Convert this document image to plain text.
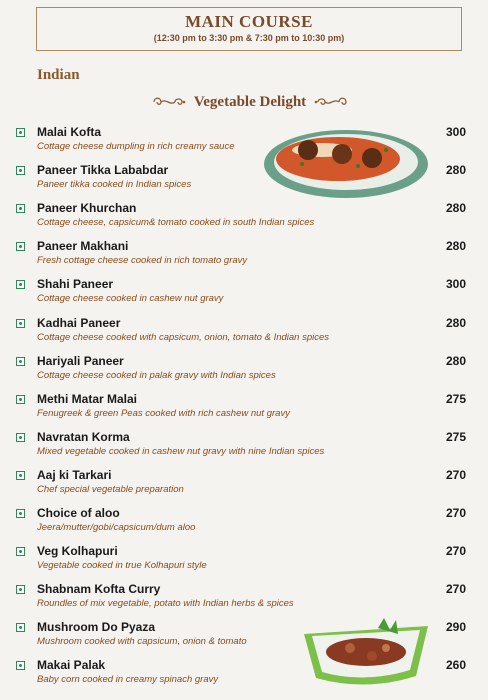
MAIN COURSE
(12:30 pm to 3:30 pm & 7:30 pm to 10:30 pm)
Indian
Vegetable Delight
Malai Kofta
Cottage cheese dumpling in rich creamy sauce
300
Paneer Tikka Lababdar
Paneer tikka cooked in Indian spices
280
Paneer Khurchan
Cottage cheese, capsicum& tomato cooked in south Indian spices
280
Paneer Makhani
Fresh cottage cheese cooked in rich tomato gravy
280
Shahi Paneer
Cottage cheese cooked in cashew nut gravy
300
Kadhai Paneer
Cottage cheese cooked with capsicum, onion, tomato & Indian spices
280
Hariyali Paneer
Cottage cheese cooked in palak gravy with Indian spices
280
Methi Matar Malai
Fenugreek & green Peas cooked with rich cashew nut gravy
275
Navratan Korma
Mixed vegetable cooked in cashew nut gravy with nine Indian spices
275
Aaj ki Tarkari
Chef special vegetable preparation
270
Choice of aloo
Jeera/mutter/gobi/capsicum/dum aloo
270
Veg Kolhapuri
Vegetable cooked in true Kolhapuri style
270
Shabnam Kofta Curry
Roundles of mix vegetable, potato with Indian herbs & spices
270
Mushroom Do Pyaza
Mushroom cooked with capsicum, onion & tomato
290
Makai Palak
Baby corn cooked in creamy spinach gravy
260
